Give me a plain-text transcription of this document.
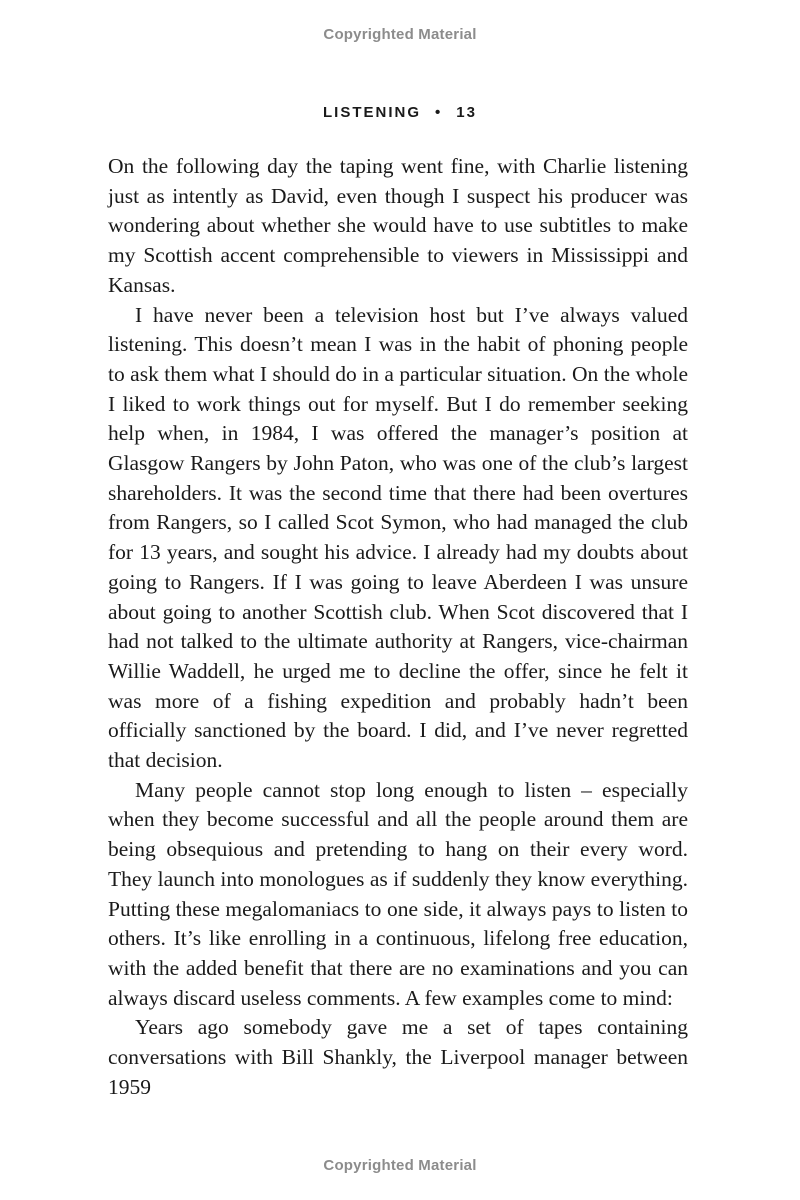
Copyrighted Material
LISTENING • 13

On the following day the taping went fine, with Charlie listening just as intently as David, even though I suspect his producer was wondering about whether she would have to use subtitles to make my Scottish accent comprehensible to viewers in Mississippi and Kansas.

I have never been a television host but I’ve always valued listening. This doesn’t mean I was in the habit of phoning people to ask them what I should do in a particular situation. On the whole I liked to work things out for myself. But I do remember seeking help when, in 1984, I was offered the manager’s position at Glasgow Rangers by John Paton, who was one of the club’s largest shareholders. It was the second time that there had been overtures from Rangers, so I called Scot Symon, who had managed the club for 13 years, and sought his advice. I already had my doubts about going to Rangers. If I was going to leave Aberdeen I was unsure about going to another Scottish club. When Scot discovered that I had not talked to the ultimate authority at Rangers, vice-chairman Willie Waddell, he urged me to decline the offer, since he felt it was more of a fishing expedition and probably hadn’t been officially sanctioned by the board. I did, and I’ve never regretted that decision.

Many people cannot stop long enough to listen – especially when they become successful and all the people around them are being obsequious and pretending to hang on their every word. They launch into monologues as if suddenly they know everything. Putting these megalomaniacs to one side, it always pays to listen to others. It’s like enrolling in a continuous, lifelong free education, with the added benefit that there are no examinations and you can always discard useless comments. A few examples come to mind:

Years ago somebody gave me a set of tapes containing conversations with Bill Shankly, the Liverpool manager between 1959

Copyrighted Material
